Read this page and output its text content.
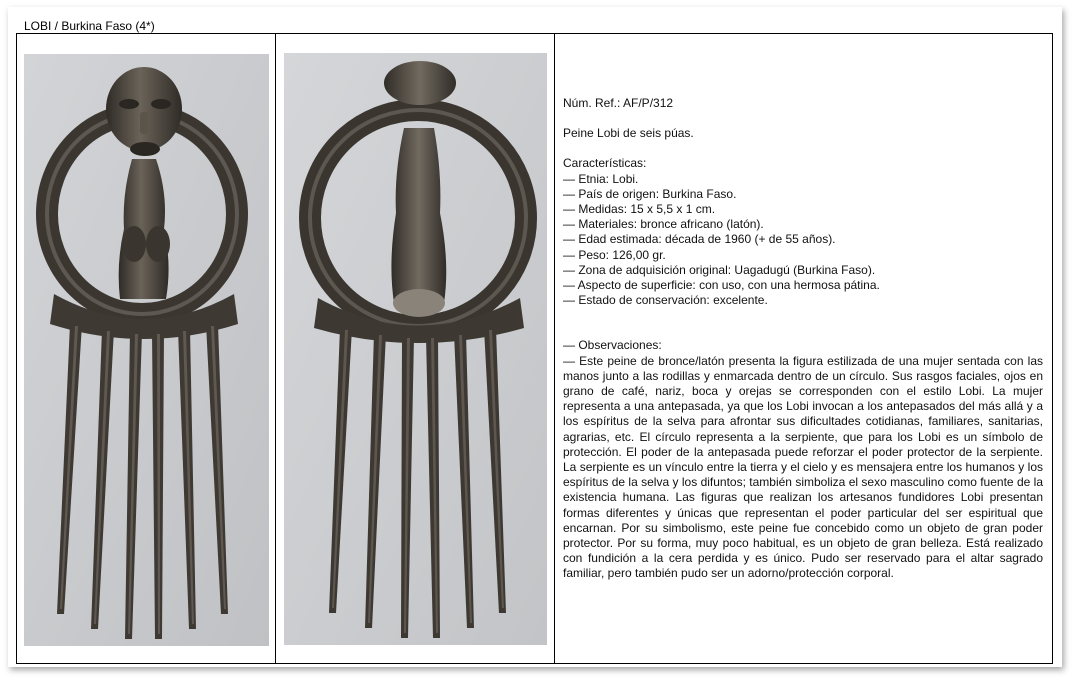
LOBI / Burkina Faso (4*)

Núm. Ref.: AF/P/312

Peine Lobi de seis púas.

Características:

— Etnia: Lobi.

— País de origen: Burkina Faso.

— Medidas: 15 x 5,5 x 1 cm.

— Materiales: bronce africano (latón).

— Edad estimada: década de 1960 (+ de 55 años).

— Peso: 126,00 gr.

— Zona de adquisición original: Uagadugú (Burkina Faso).

— Aspecto de superficie: con uso, con una hermosa pátina.

— Estado de conservación: excelente.

— Observaciones:

— Este peine de bronce/latón presenta la figura estilizada de una mujer sentada con las manos junto a las rodillas y enmarcada dentro de un círculo. Sus rasgos faciales, ojos en grano de café, nariz, boca y orejas se corresponden con el estilo Lobi. La mujer representa a una antepasada, ya que los Lobi invocan a los antepasados del más allá y a los espíritus de la selva para afrontar sus dificultades cotidianas, familiares, sanitarias, agrarias, etc. El círculo representa a la serpiente, que para los Lobi es un símbolo de protección. El poder de la antepasada puede reforzar el poder protector de la serpiente. La serpiente es un vínculo entre la tierra y el cielo y es mensajera entre los humanos y los espíritus de la selva y los difuntos; también simboliza el sexo masculino como fuente de la existencia humana. Las figuras que realizan los artesanos fundidores Lobi presentan formas diferentes y únicas que representan el poder particular del ser espiritual que encarnan. Por su simbolismo, este peine fue concebido como un objeto de gran poder protector. Por su forma, muy poco habitual, es un objeto de gran belleza. Está realizado con fundición a la cera perdida y es único. Pudo ser reservado para el altar sagrado familiar, pero también pudo ser un adorno/protección corporal.
